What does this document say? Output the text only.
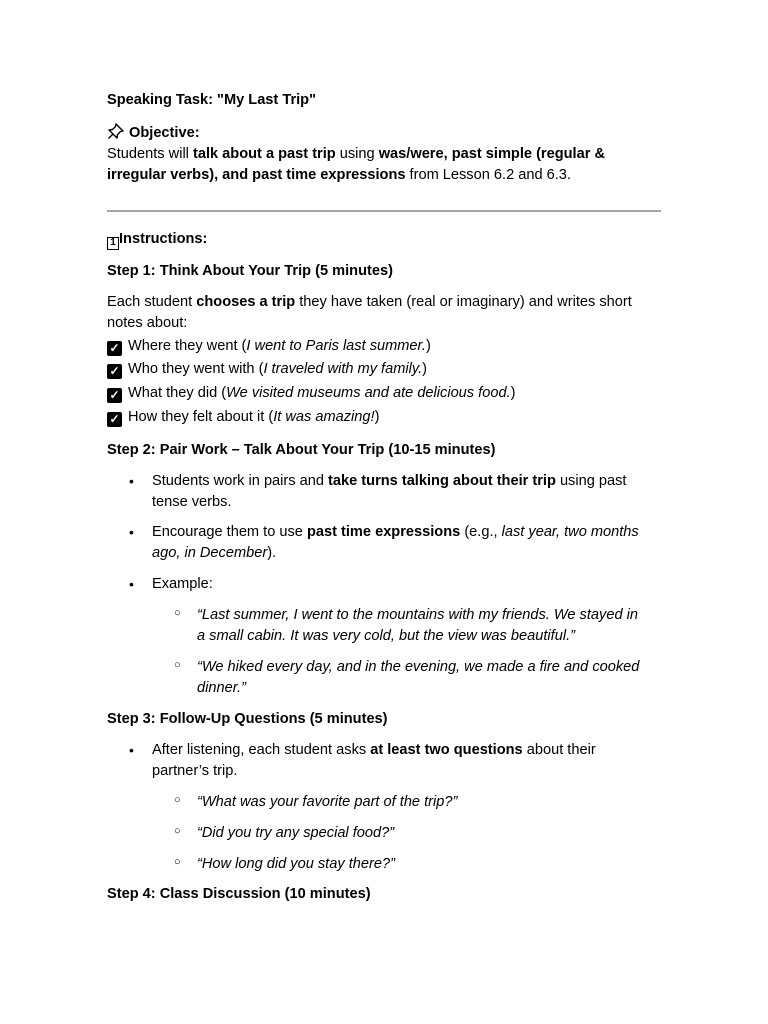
Speaking Task: "My Last Trip"
Objective:
Students will talk about a past trip using was/were, past simple (regular &
irregular verbs), and past time expressions from Lesson 6.2 and 6.3.
1 Instructions:
Step 1: Think About Your Trip (5 minutes)
Each student chooses a trip they have taken (real or imaginary) and writes short
notes about:
✓ Where they went (I went to Paris last summer.)
✓ Who they went with (I traveled with my family.)
✓ What they did (We visited museums and ate delicious food.)
✓ How they felt about it (It was amazing!)
Step 2: Pair Work – Talk About Your Trip (10-15 minutes)
• Students work in pairs and take turns talking about their trip using past
tense verbs.
• Encourage them to use past time expressions (e.g., last year, two months
ago, in December).
• Example:
○ “Last summer, I went to the mountains with my friends. We stayed in
a small cabin. It was very cold, but the view was beautiful.”
○ “We hiked every day, and in the evening, we made a fire and cooked
dinner.”
Step 3: Follow-Up Questions (5 minutes)
• After listening, each student asks at least two questions about their
partner’s trip.
○ “What was your favorite part of the trip?”
○ “Did you try any special food?”
○ “How long did you stay there?”
Step 4: Class Discussion (10 minutes)
